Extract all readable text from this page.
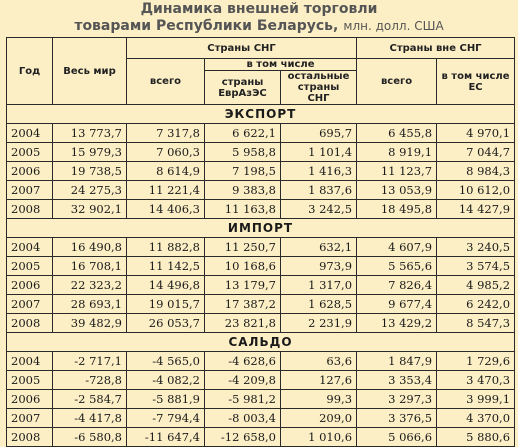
Динамика внешней торговли
товарами Республики Беларусь, млн. долл. США
Год	Весь мир	Страны СНГ			Страны вне СНГ	
		всего	в том числе		всего	в том числе ЕС
			страны ЕврАзЭС	остальные страны СНГ		
ЭКСПОРТ						
2004	13 773,7	7 317,8	6 622,1	695,7	6 455,8	4 970,1
2005	15 979,3	7 060,3	5 958,8	1 101,4	8 919,1	7 044,7
2006	19 738,5	8 614,9	7 198,5	1 416,3	11 123,7	8 984,3
2007	24 275,3	11 221,4	9 383,8	1 837,6	13 053,9	10 612,0
2008	32 902,1	14 406,3	11 163,8	3 242,5	18 495,8	14 427,9
ИМПОРТ						
2004	16 490,8	11 882,8	11 250,7	632,1	4 607,9	3 240,5
2005	16 708,1	11 142,5	10 168,6	973,9	5 565,6	3 574,5
2006	22 323,2	14 496,8	13 179,7	1 317,0	7 826,4	4 985,2
2007	28 693,1	19 015,7	17 387,2	1 628,5	9 677,4	6 242,0
2008	39 482,9	26 053,7	23 821,8	2 231,9	13 429,2	8 547,3
САЛЬДО						
2004	-2 717,1	-4 565,0	-4 628,6	63,6	1 847,9	1 729,6
2005	-728,8	-4 082,2	-4 209,8	127,6	3 353,4	3 470,3
2006	-2 584,7	-5 881,9	-5 981,2	99,3	3 297,3	3 999,1
2007	-4 417,8	-7 794,4	-8 003,4	209,0	3 376,5	4 370,0
2008	-6 580,8	-11 647,4	-12 658,0	1 010,6	5 066,6	5 880,6
